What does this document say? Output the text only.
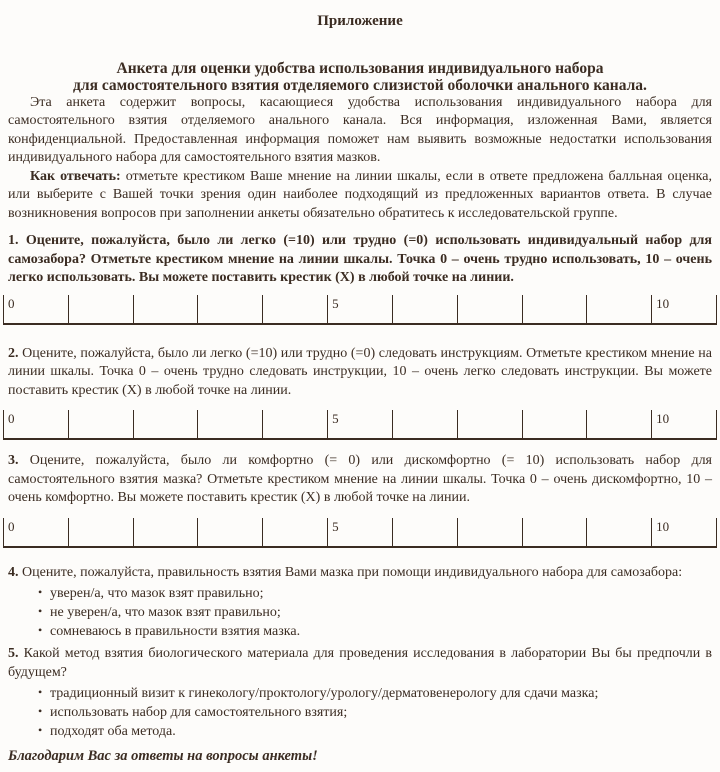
Приложение
Анкета для оценки удобства использования индивидуального набора
для самостоятельного взятия отделяемого слизистой оболочки анального канала.

Эта анкета содержит вопросы, касающиеся удобства использования индивидуального набора для самостоятельного взятия отделяемого анального канала. Вся информация, изложенная Вами, является конфиденциальной. Предоставленная информация поможет нам выявить возможные недостатки использования индивидуального набора для самостоятельного взятия мазков.

Как отвечать: отметьте крестиком Ваше мнение на линии шкалы, если в ответе предложена балльная оценка, или выберите с Вашей точки зрения один наиболее подходящий из предложенных вариантов ответа. В случае возникновения вопросов при заполнении анкеты обязательно обратитесь к исследовательской группе.

1. Оцените, пожалуйста, было ли легко (=10) или трудно (=0) использовать индивидуальный набор для самозабора? Отметьте крестиком мнение на линии шкалы. Точка 0 – очень трудно использовать, 10 – очень легко использовать. Вы можете поставить крестик (X) в любой точке на линии.

0	5	10

2. Оцените, пожалуйста, было ли легко (=10) или трудно (=0) следовать инструкциям. Отметьте крестиком мнение на линии шкалы. Точка 0 – очень трудно следовать инструкции, 10 – очень легко следовать инструкции. Вы можете поставить крестик (X) в любой точке на линии.

0	5	10

3. Оцените, пожалуйста, было ли комфортно (= 0) или дискомфортно (= 10) использовать набор для самостоятельного взятия мазка? Отметьте крестиком мнение на линии шкалы. Точка 0 – очень дискомфортно, 10 – очень комфортно. Вы можете поставить крестик (X) в любой точке на линии.

0	5	10

4. Оцените, пожалуйста, правильность взятия Вами мазка при помощи индивидуального набора для самозабора:

•уверен/а, что мазок взят правильно;
•не уверен/а, что мазок взят правильно;
•сомневаюсь в правильности взятия мазка.

5. Какой метод взятия биологического материала для проведения исследования в лаборатории Вы бы предпочли в будущем?

•традиционный визит к гинекологу/проктологу/урологу/дерматовенерологу для сдачи мазка;
•использовать набор для самостоятельного взятия;
•подходят оба метода.

Благодарим Вас за ответы на вопросы анкеты!
